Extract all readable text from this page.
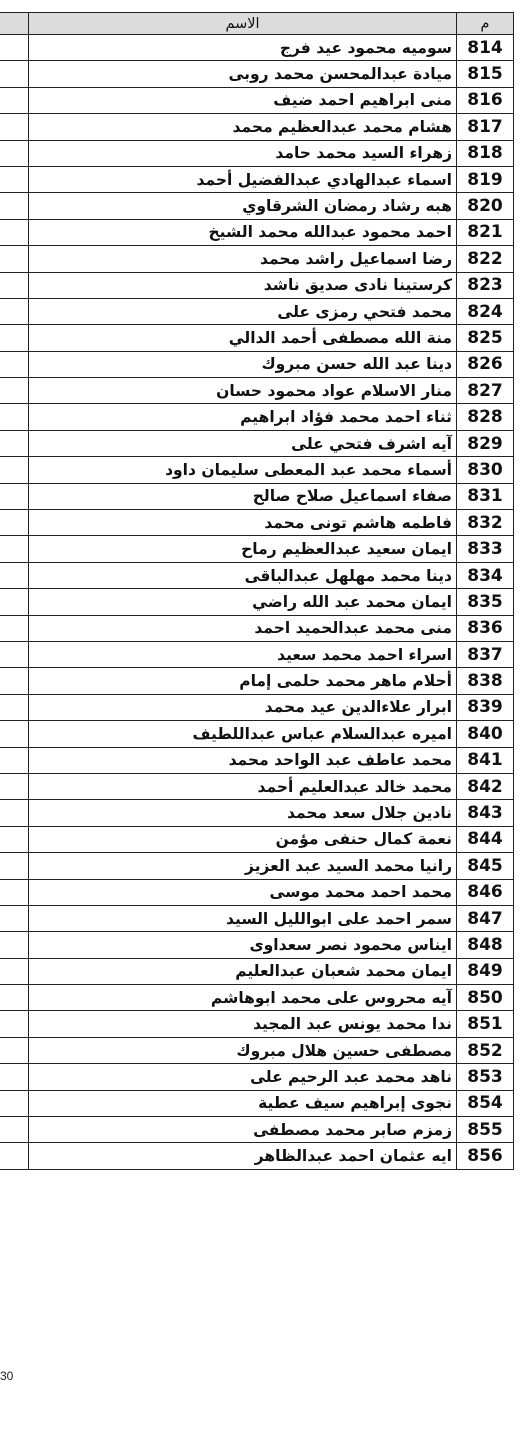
	الاسم	م
	سوميه محمود عيد فرج	814
	ميادة عبدالمحسن محمد روبى	815
	منى ابراهيم احمد ضيف	816
	هشام محمد عبدالعظيم محمد	817
	زهراء السيد محمد حامد	818
	اسماء عبدالهادي عبدالفضيل أحمد	819
	هبه رشاد رمضان الشرقاوي	820
	احمد محمود عبدالله محمد الشيخ	821
	رضا اسماعيل راشد محمد	822
	كرستينا نادى صديق ناشد	823
	محمد فتحي رمزى على	824
	منة الله مصطفى أحمد الدالي	825
	دينا عبد الله حسن مبروك	826
	منار الاسلام عواد محمود حسان	827
	ثناء احمد محمد فؤاد ابراهيم	828
	آيه اشرف فتحي على	829
	أسماء محمد عبد المعطى سليمان داود	830
	صفاء اسماعيل صلاح صالح	831
	فاطمه هاشم تونى محمد	832
	ايمان سعيد عبدالعظيم رماح	833
	دينا محمد مهلهل عبدالباقى	834
	ايمان محمد عبد الله راضي	835
	منى محمد عبدالحميد احمد	836
	اسراء احمد محمد سعيد	837
	أحلام ماهر محمد حلمى إمام	838
	ابرار علاءالدين عيد محمد	839
	اميره عبدالسلام عباس عبداللطيف	840
	محمد عاطف عبد الواحد محمد	841
	محمد خالد عبدالعليم أحمد	842
	نادين جلال سعد محمد	843
	نعمة كمال حنفى مؤمن	844
	رانيا محمد السيد عبد العزيز	845
	محمد احمد محمد موسى	846
	سمر احمد على ابوالليل السيد	847
	ايناس محمود نصر سعداوى	848
	ايمان محمد شعبان عبدالعليم	849
	آيه محروس على محمد ابوهاشم	850
	ندا محمد يونس عبد المجيد	851
	مصطفى حسين هلال مبروك	852
	ناهد محمد عبد الرحيم على	853
	نجوى إبراهيم سيف عطية	854
	زمزم صابر محمد مصطفى	855
	ايه عثمان احمد عبدالظاهر	856
30
